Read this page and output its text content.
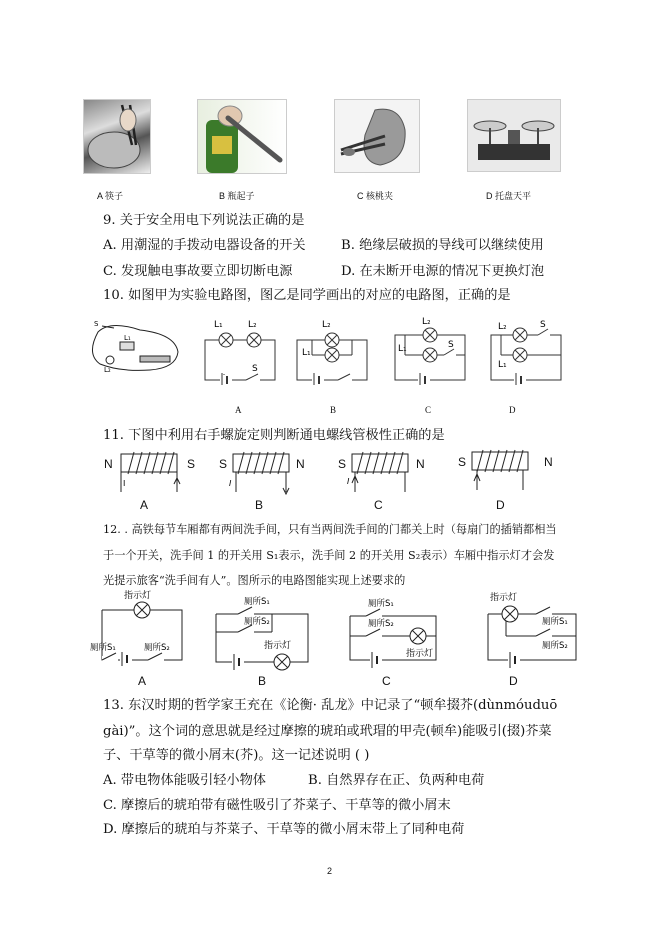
A 筷子	B 瓶起子	C 核桃夹	D 托盘天平
9. 关于安全用电下列说法正确的是
A. 用潮湿的手拨动电器设备的开关	B. 绝缘层破损的导线可以继续使用
C. 发现触电事故要立即切断电源	D. 在未断开电源的情况下更换灯泡
10. 如图甲为实验电路图，图乙是同学画出的对应的电路图，正确的是
S
L₁
L₂
L₁	L₂
S
A
L₂
L₁
B
L₂
L₁	S
C
L₂
L₁
S
D
11. 下图中利用右手螺旋定则判断通电螺线管极性正确的是
N	S
I
A
S	N
I
B
S	N
I
C
S	N
D
12. . 高铁每节车厢都有两间洗手间，只有当两间洗手间的门都关上时（每扇门的插销都相当
于一个开关，洗手间 1 的开关用 S₁表示，洗手间 2 的开关用 S₂表示）车厢中指示灯才会发
光提示旅客“洗手间有人”。图所示的电路图能实现上述要求的
指示灯
厕所S₁	厕所S₂
A
厕所S₁
厕所S₂
指示灯
B
厕所S₁
厕所S₂
指示灯
C
指示灯
厕所S₁
厕所S₂
D
13. 东汉时期的哲学家王充在《论衡· 乱龙》中记录了“顿牟掇芥(dùnmóuduō
gài)”。这个词的意思就是经过摩擦的琥珀或玳瑁的甲壳(顿牟)能吸引(掇)芥菜
子、干草等的微小屑末(芥)。这一记述说明 ( )
A. 带电物体能吸引轻小物体	B. 自然界存在正、负两种电荷
C. 摩擦后的琥珀带有磁性吸引了芥菜子、干草等的微小屑末
D. 摩擦后的琥珀与芥菜子、干草等的微小屑末带上了同种电荷
2
